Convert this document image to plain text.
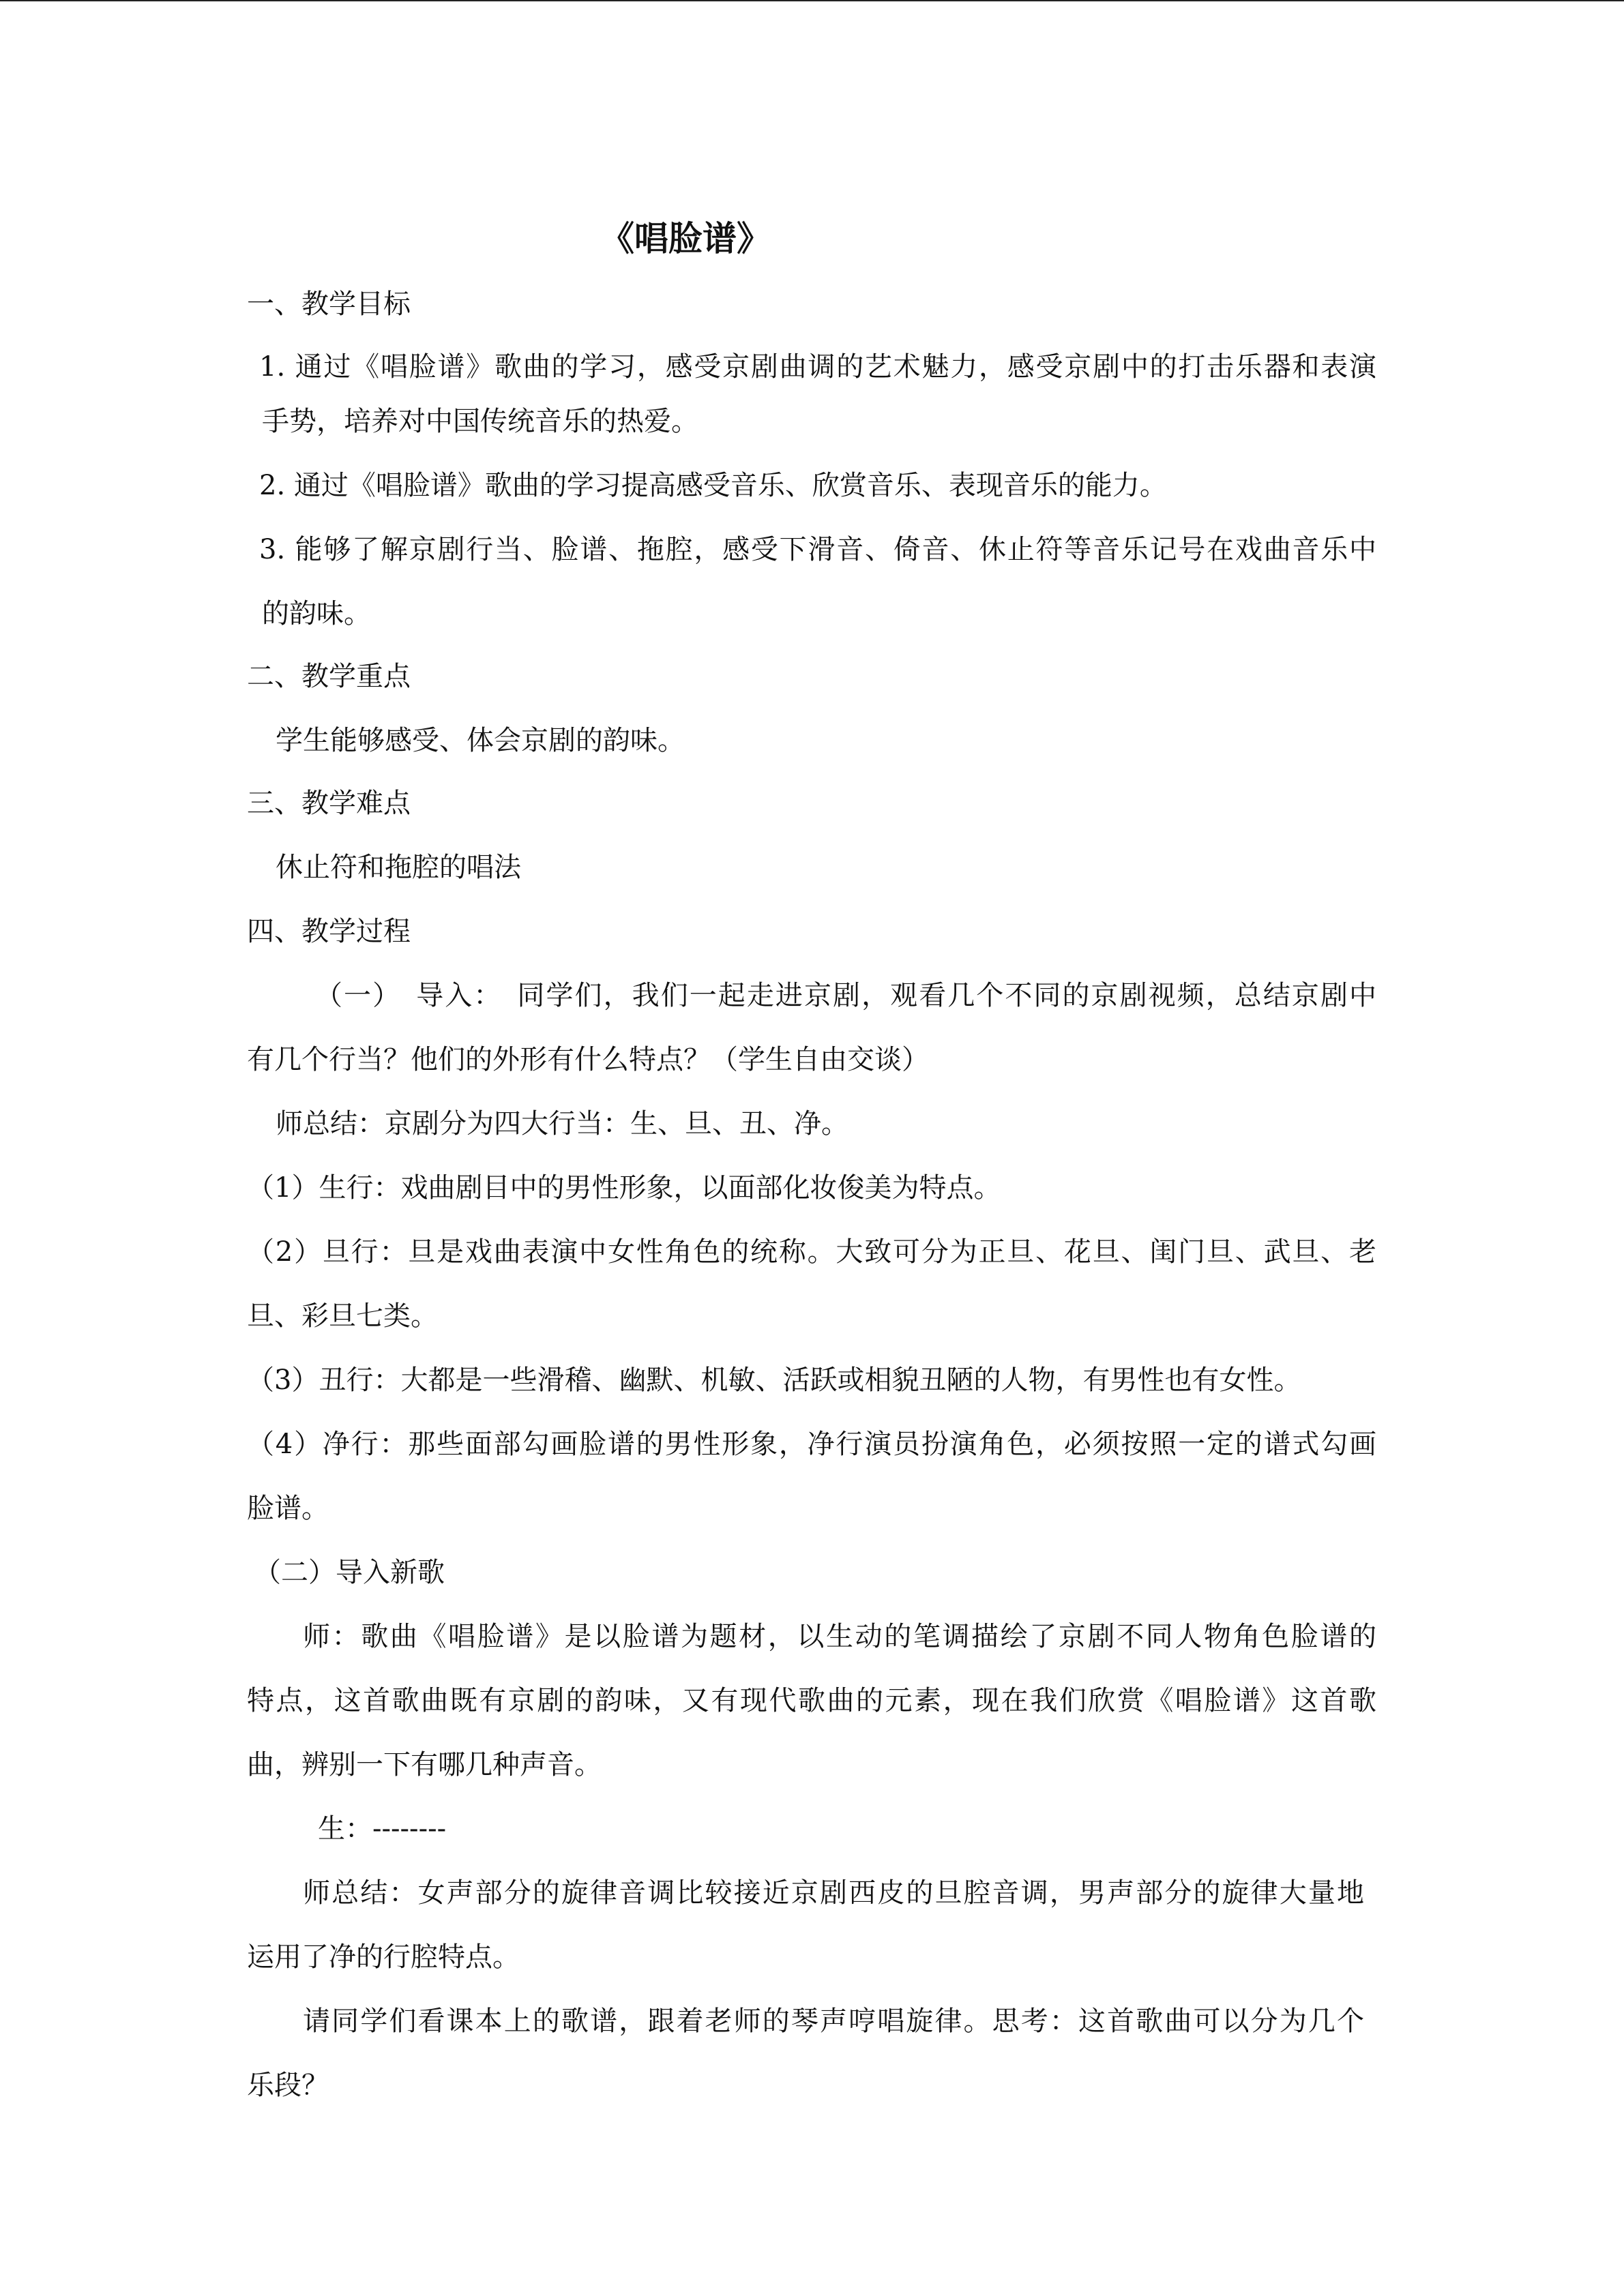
《唱脸谱》

一、教学目标

1. 通过《唱脸谱》歌曲的学习，感受京剧曲调的艺术魅力，感受京剧中的打击乐器和表演

手势，培养对中国传统音乐的热爱。

2. 通过《唱脸谱》歌曲的学习提高感受音乐、欣赏音乐、表现音乐的能力。

3. 能够了解京剧行当、脸谱、拖腔，感受下滑音、倚音、休止符等音乐记号在戏曲音乐中

的韵味。

二、教学重点

学生能够感受、体会京剧的韵味。

三、教学难点

休止符和拖腔的唱法

四、教学过程

（一）　导入：　同学们，我们一起走进京剧，观看几个不同的京剧视频，总结京剧中

有几个行当？他们的外形有什么特点？（学生自由交谈）

师总结：京剧分为四大行当：生、旦、丑、净。

（1）生行：戏曲剧目中的男性形象，以面部化妆俊美为特点。

（2）旦行：旦是戏曲表演中女性角色的统称。大致可分为正旦、花旦、闺门旦、武旦、老

旦、彩旦七类。

（3）丑行：大都是一些滑稽、幽默、机敏、活跃或相貌丑陋的人物，有男性也有女性。

（4）净行：那些面部勾画脸谱的男性形象，净行演员扮演角色，必须按照一定的谱式勾画

脸谱。

（二）导入新歌

师：歌曲《唱脸谱》是以脸谱为题材，以生动的笔调描绘了京剧不同人物角色脸谱的

特点，这首歌曲既有京剧的韵味，又有现代歌曲的元素，现在我们欣赏《唱脸谱》这首歌

曲，辨别一下有哪几种声音。

生：--------

师总结：女声部分的旋律音调比较接近京剧西皮的旦腔音调，男声部分的旋律大量地

运用了净的行腔特点。

请同学们看课本上的歌谱，跟着老师的琴声哼唱旋律。思考：这首歌曲可以分为几个

乐段？
